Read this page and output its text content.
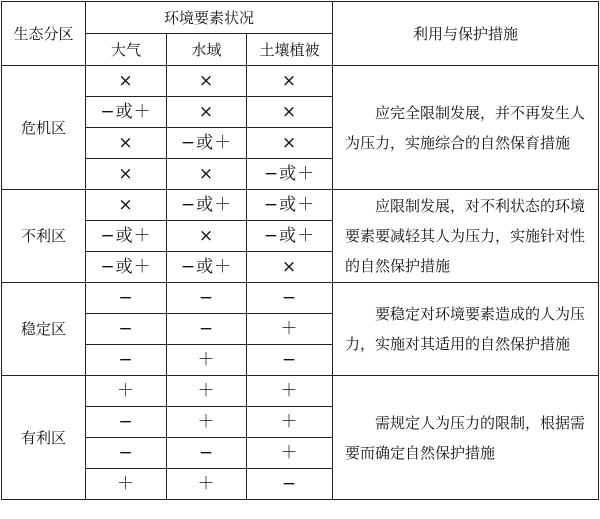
生态分区	环境要素状况			利用与保护措施
	大气	水域	土壤植被	
危机区	×	×	×	应完全限制发展，并不再发生人为压力，实施综合的自然保育措施
	−或＋	×	×	
	×	−或＋	×	
	×	×	−或＋	
不利区	×	−或＋	−或＋	应限制发展，对不利状态的环境要素要减轻其人为压力，实施针对性的自然保护措施
	−或＋	×	−或＋	
	−或＋	−或＋	×	
稳定区	−	−	−	要稳定对环境要素造成的人为压力，实施对其适用的自然保护措施
	−	−	＋	
	−	＋	−	
有利区	＋	＋	＋	需规定人为压力的限制，根据需要而确定自然保护措施
	−	＋	＋	
	−	−	＋	
	＋	＋	−	
